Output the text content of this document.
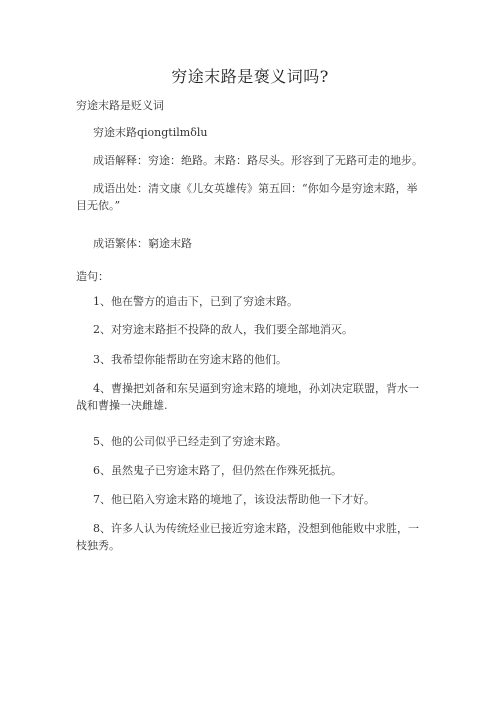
穷途末路是褒义词吗?
穷途末路是贬义词
穷途末路qiongtilmδlu
成语解释：穷途：绝路。末路：路尽头。形容到了无路可走的地步。
成语出处：清文康《儿女英雄传》第五回：“你如今是穷途末路，举目无依。”
成语繁体：窮途末路
造句：
1、他在警方的追击下，已到了穷途末路。
2、对穷途末路拒不投降的敌人，我们要全部地消灭。
3、我希望你能帮助在穷途末路的他们。
4、曹操把刘备和东吴逼到穷途末路的境地，孙刘决定联盟，背水一战和曹操一决雌雄.
5、他的公司似乎已经走到了穷途末路。
6、虽然鬼子已穷途末路了，但仍然在作殊死抵抗。
7、他已陷入穷途末路的境地了，该设法帮助他一下才好。
8、许多人认为传统烃业已接近穷途末路，没想到他能败中求胜，一枝独秀。
